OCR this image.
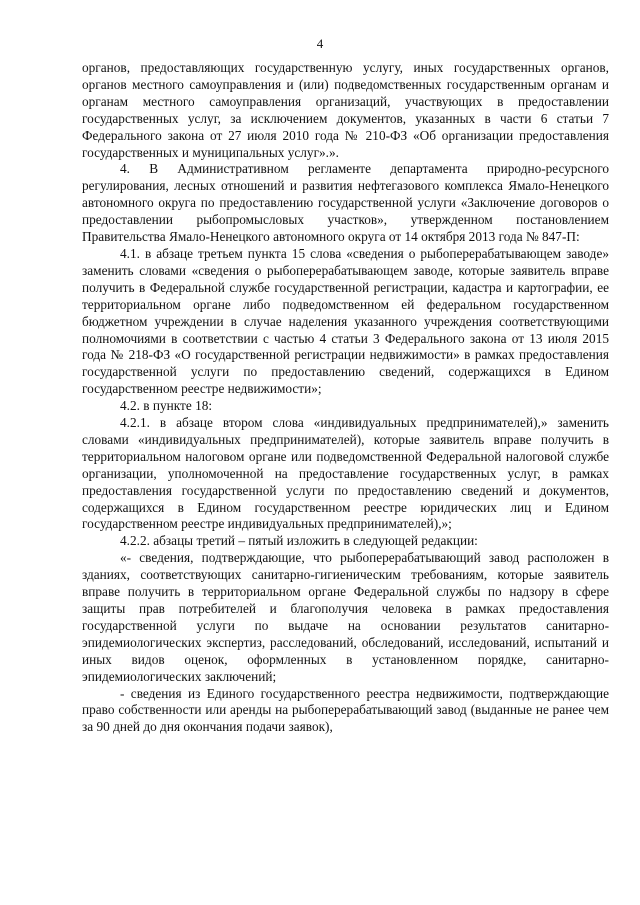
4

органов, предоставляющих государственную услугу, иных государственных органов, органов местного самоуправления и (или) подведомственных государственным органам и органам местного самоуправления организаций, участвующих в предоставлении государственных услуг, за исключением документов, указанных в части 6 статьи 7 Федерального закона от 27 июля 2010 года № 210-ФЗ «Об организации предоставления государственных и муниципальных услуг».».

4. В Административном регламенте департамента природно-ресурсного регулирования, лесных отношений и развития нефтегазового комплекса Ямало-Ненецкого автономного округа по предоставлению государственной услуги «Заключение договоров о предоставлении рыбопромысловых участков», утвержденном постановлением Правительства Ямало-Ненецкого автономного округа от 14 октября 2013 года № 847-П:

4.1. в абзаце третьем пункта 15 слова «сведения о рыбоперерабатывающем заводе» заменить словами «сведения о рыбоперерабатывающем заводе, которые заявитель вправе получить в Федеральной службе государственной регистрации, кадастра и картографии, ее территориальном органе либо подведомственном ей федеральном государственном бюджетном учреждении в случае наделения указанного учреждения соответствующими полномочиями в соответствии с частью 4 статьи 3 Федерального закона от 13 июля 2015 года № 218-ФЗ «О государственной регистрации недвижимости» в рамках предоставления государственной услуги по предоставлению сведений, содержащихся в Едином государственном реестре недвижимости»;

4.2. в пункте 18:

4.2.1. в абзаце втором слова «индивидуальных предпринимателей),» заменить словами «индивидуальных предпринимателей), которые заявитель вправе получить в территориальном налоговом органе или подведомственной Федеральной налоговой службе организации, уполномоченной на предоставление государственных услуг, в рамках предоставления государственной услуги по предоставлению сведений и документов, содержащихся в Едином государственном реестре юридических лиц и Едином государственном реестре индивидуальных предпринимателей),»;

4.2.2. абзацы третий – пятый изложить в следующей редакции:

«- сведения, подтверждающие, что рыбоперерабатывающий завод расположен в зданиях, соответствующих санитарно-гигиеническим требованиям, которые заявитель вправе получить в территориальном органе Федеральной службы по надзору в сфере защиты прав потребителей и благополучия человека в рамках предоставления государственной услуги по выдаче на основании результатов санитарно-эпидемиологических экспертиз, расследований, обследований, исследований, испытаний и иных видов оценок, оформленных в установленном порядке, санитарно-эпидемиологических заключений;

- сведения из Единого государственного реестра недвижимости, подтверждающие право собственности или аренды на рыбоперерабатывающий завод (выданные не ранее чем за 90 дней до дня окончания подачи заявок),
